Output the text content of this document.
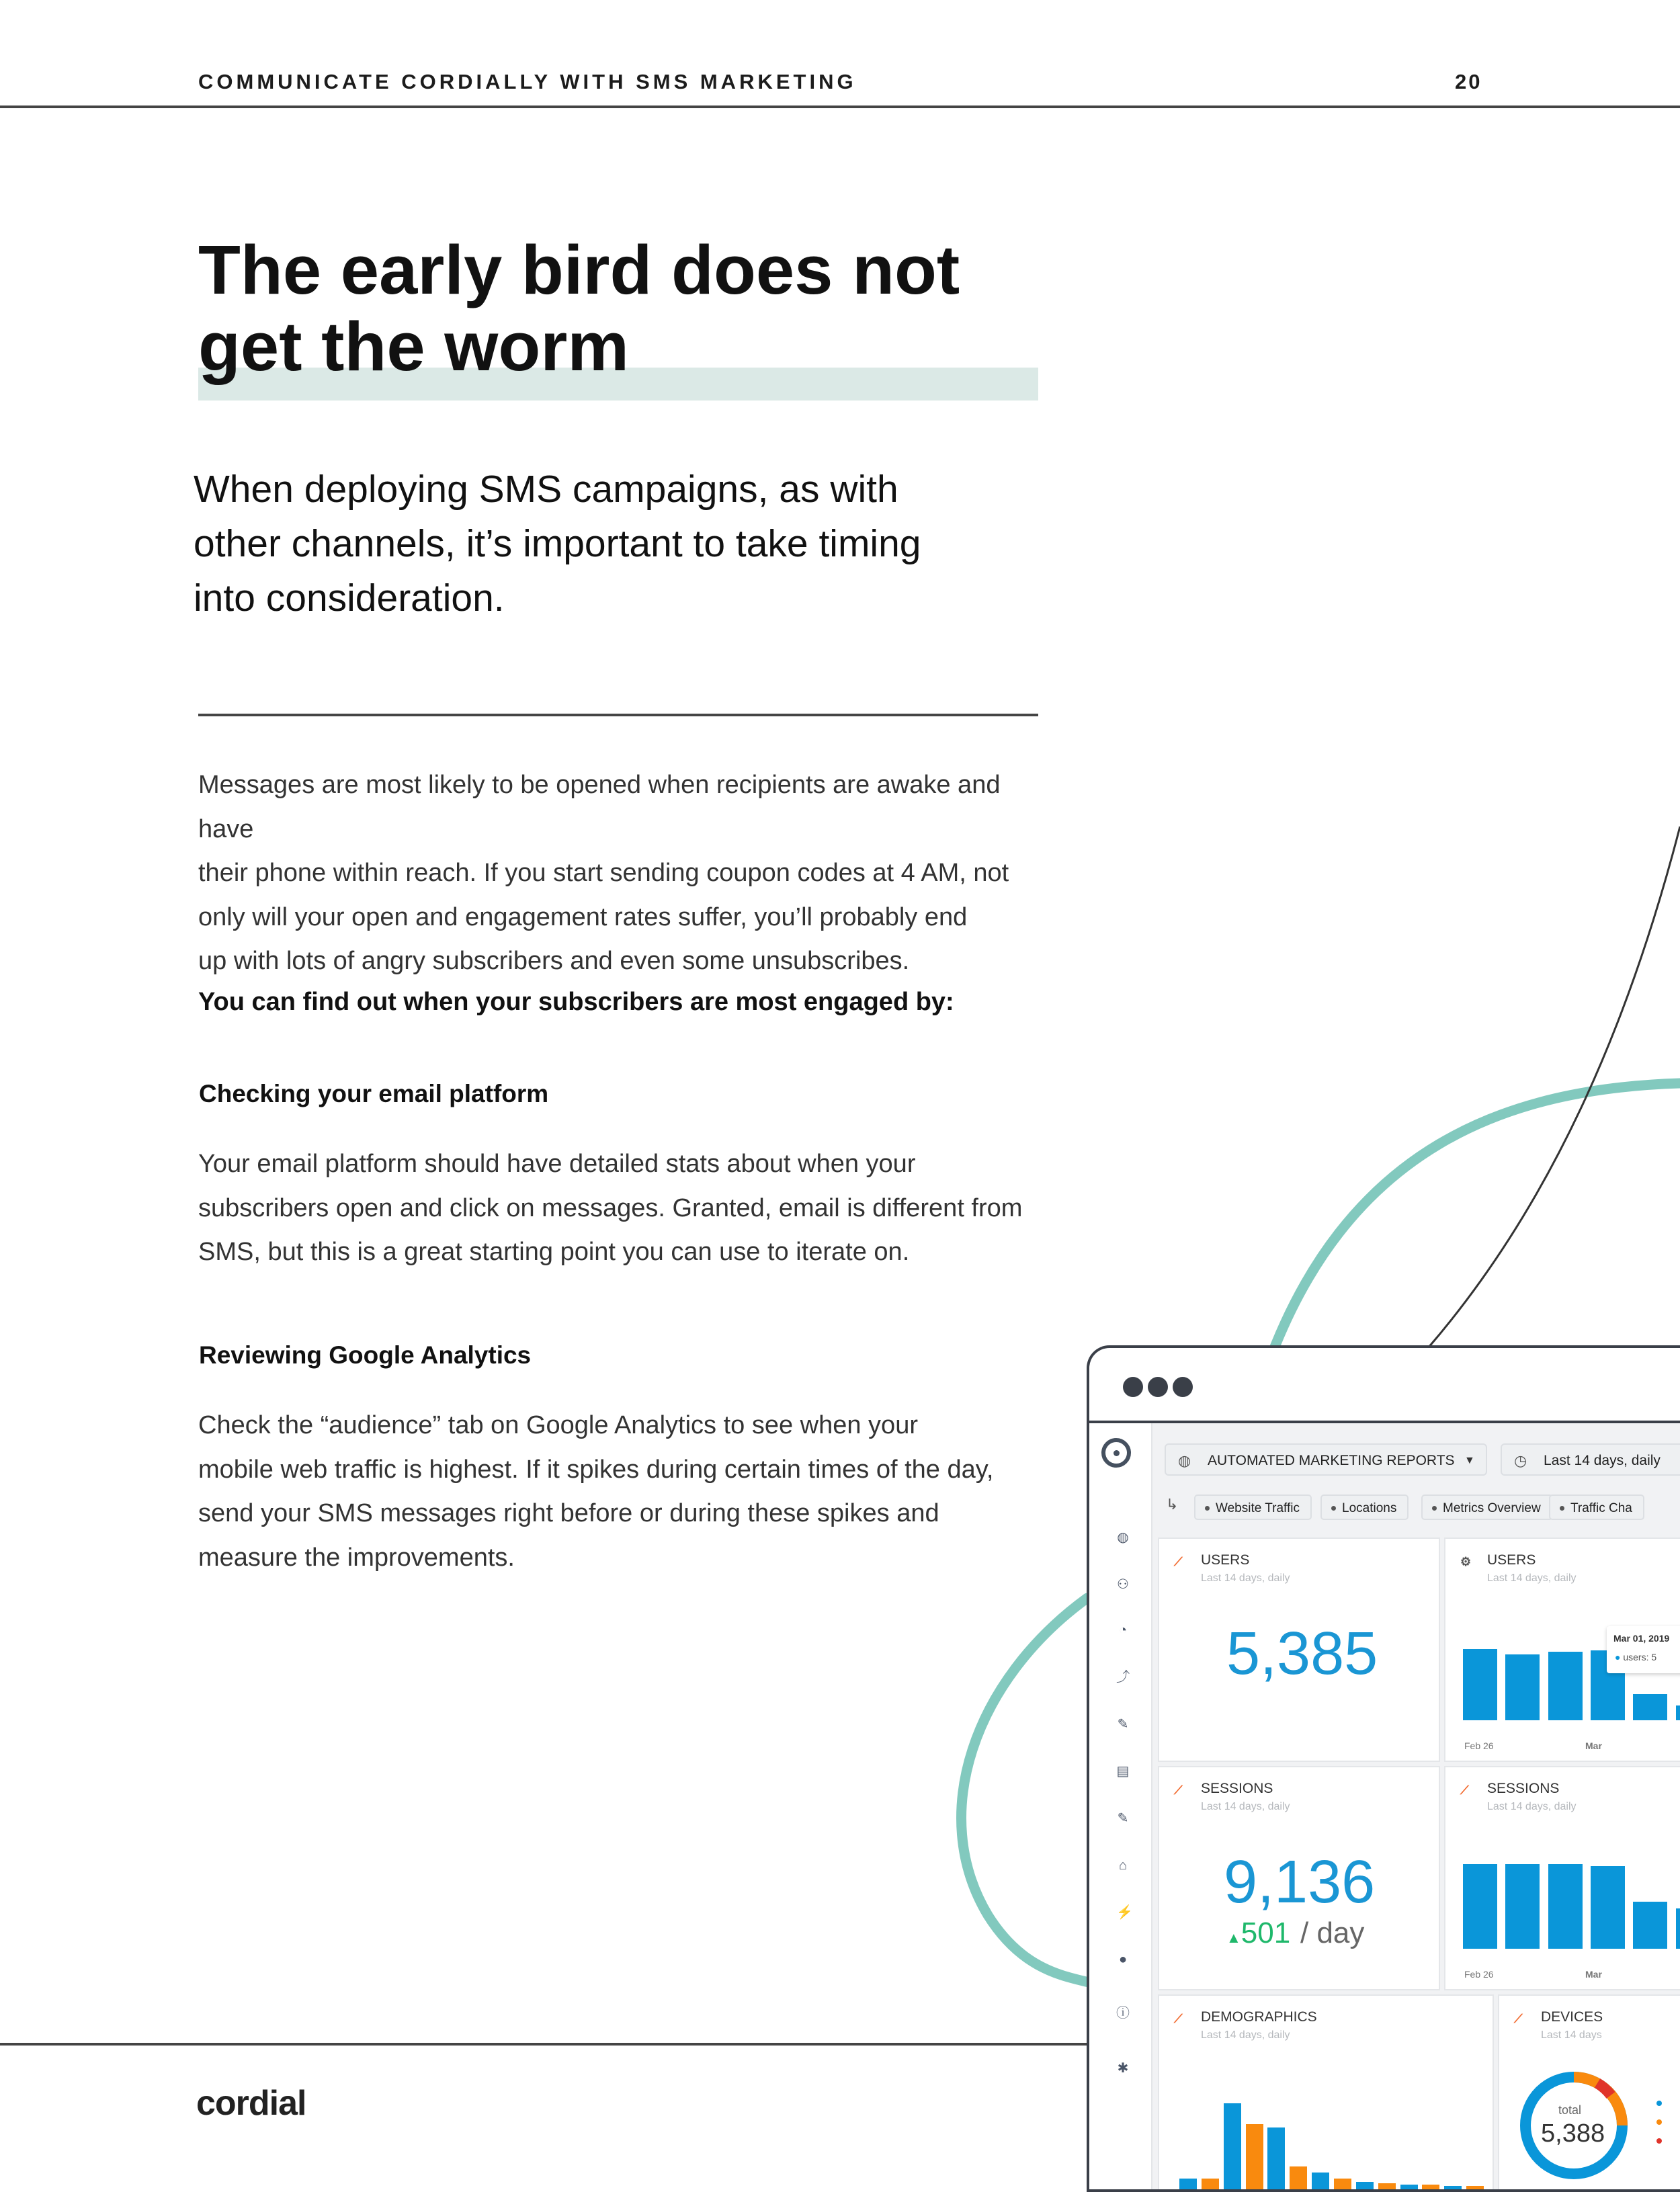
COMMUNICATE CORDIALLY WITH SMS MARKETING	20
The early bird does not
get the worm

When deploying SMS campaigns, as with
other channels, it’s important to take timing
into consideration.

Messages are most likely to be opened when recipients are awake and have
their phone within reach. If you start sending coupon codes at 4 AM, not
only will your open and engagement rates suffer, you’ll probably end
up with lots of angry subscribers and even some unsubscribes.

You can find out when your subscribers are most engaged by:
Checking your email platform

Your email platform should have detailed stats about when your
subscribers open and click on messages. Granted, email is different from
SMS, but this is a great starting point you can use to iterate on.

Reviewing Google Analytics

Check the “audience” tab on Google Analytics to see when your
mobile web traffic is highest. If it spikes during certain times of the day,
send your SMS messages right before or during these spikes and
measure the improvements.

cordial
◍
⚇
◔
⤴
✎
▤
✎
⌂
⚡
●
ⓘ
✱
◍ AUTOMATED MARKETING REPORTS ▼	◷ Last 14 days, daily
↳	Website Traffic	Locations	Metrics Overview	Traffic Cha
⟋ USERS
Last 14 days, daily
5,385
⚙ USERS
Last 14 days, daily
Feb 26	Mar
Mar 01, 2019
● users: 5
⟋ SESSIONS
Last 14 days, daily
9,136
▲501 / day
⟋ SESSIONS
Last 14 days, daily
Feb 26	Mar
⟋ DEMOGRAPHICS
Last 14 days, daily
⟋ DEVICES
Last 14 days
total
5,388
